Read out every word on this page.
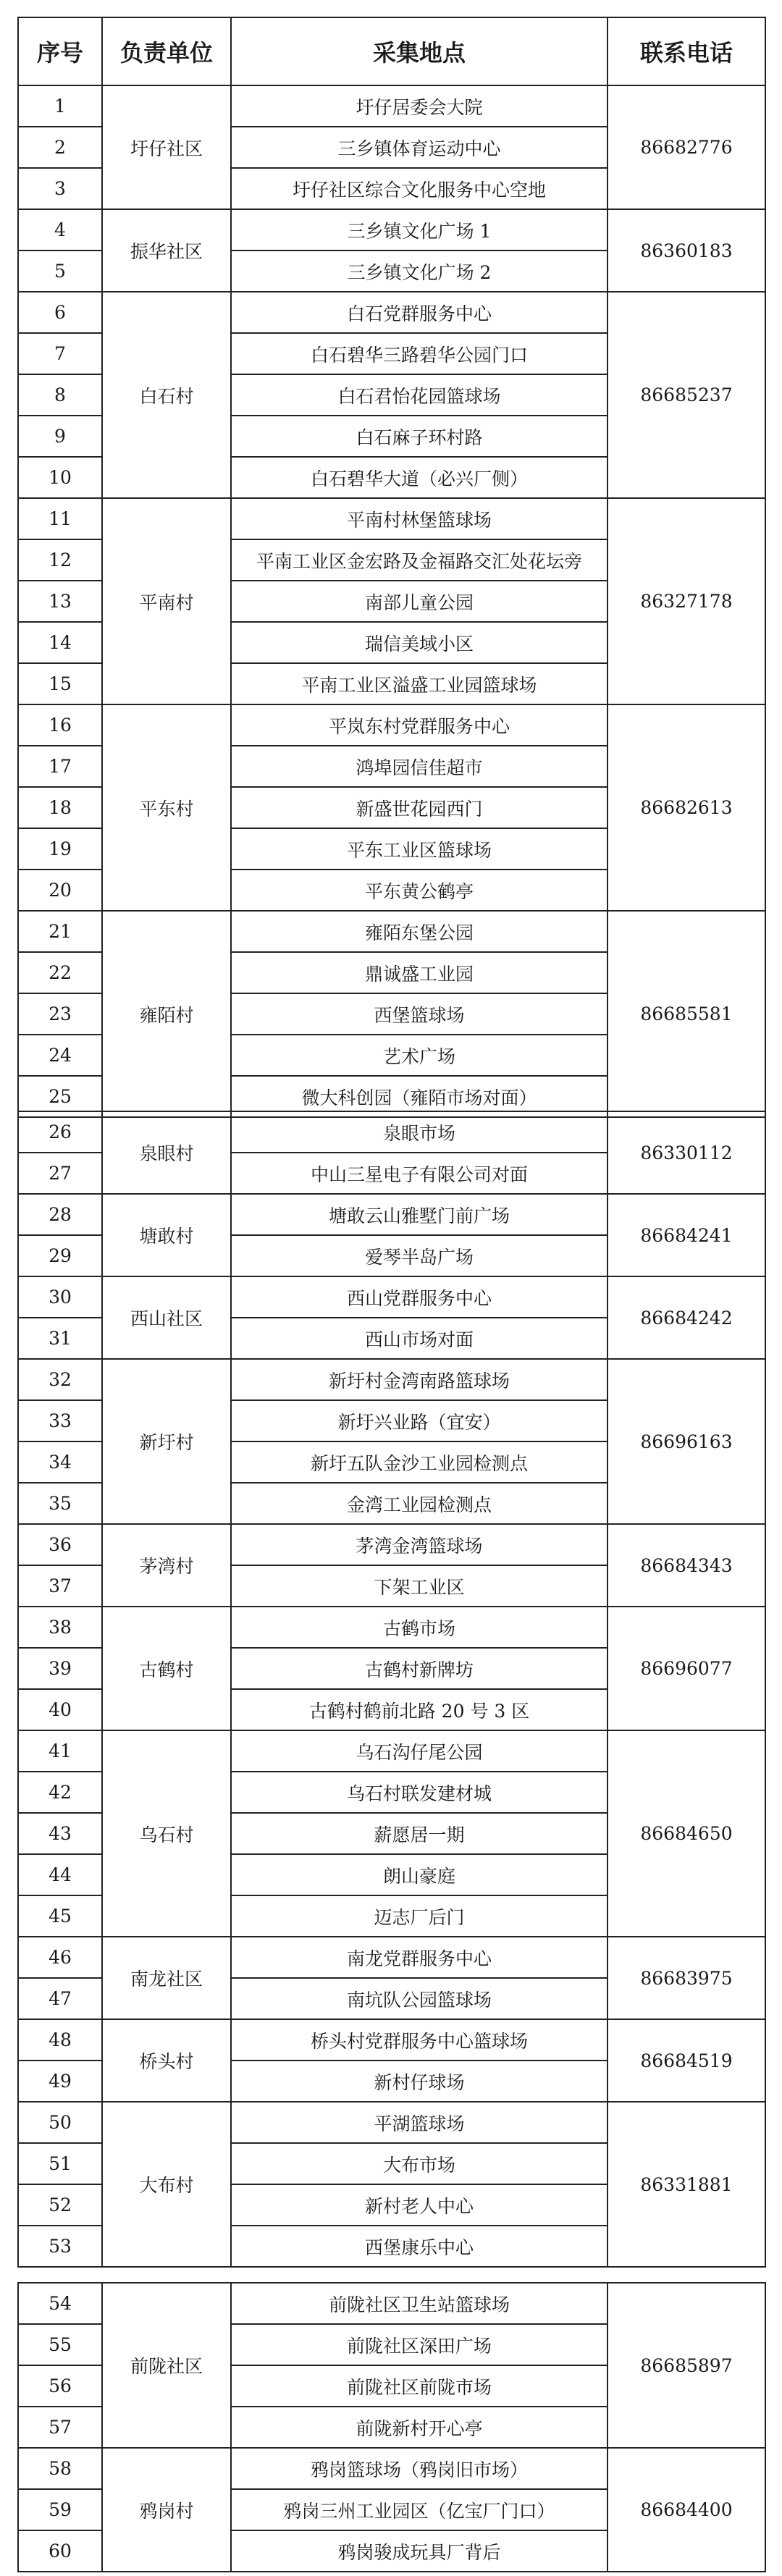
序号	负责单位	采集地点	联系电话
1	圩仔社区	圩仔居委会大院	86682776
2		三乡镇体育运动中心	
3		圩仔社区综合文化服务中心空地	
4	振华社区	三乡镇文化广场 1	86360183
5		三乡镇文化广场 2	
6	白石村	白石党群服务中心	86685237
7		白石碧华三路碧华公园门口	
8		白石君怡花园篮球场	
9		白石麻子环村路	
10		白石碧华大道（必兴厂侧）	
11	平南村	平南村林堡篮球场	86327178
12		平南工业区金宏路及金福路交汇处花坛旁	
13		南部儿童公园	
14		瑞信美域小区	
15		平南工业区溢盛工业园篮球场	
16	平东村	平岚东村党群服务中心	86682613
17		鸿埠园信佳超市	
18		新盛世花园西门	
19		平东工业区篮球场	
20		平东黄公鹤亭	
21	雍陌村	雍陌东堡公园	86685581
22		鼎诚盛工业园	
23		西堡篮球场	
24		艺术广场	
25		微大科创园（雍陌市场对面）	
26	泉眼村	泉眼市场	86330112
27		中山三星电子有限公司对面	
28	塘敢村	塘敢云山雅墅门前广场	86684241
29		爱琴半岛广场	
30	西山社区	西山党群服务中心	86684242
31		西山市场对面	
32	新圩村	新圩村金湾南路篮球场	86696163
33		新圩兴业路（宜安）	
34		新圩五队金沙工业园检测点	
35		金湾工业园检测点	
36	茅湾村	茅湾金湾篮球场	86684343
37		下架工业区	
38	古鹤村	古鹤市场	86696077
39		古鹤村新牌坊	
40		古鹤村鹤前北路 20 号 3 区	
41	乌石村	乌石沟仔尾公园	86684650
42		乌石村联发建材城	
43		薪愿居一期	
44		朗山豪庭	
45		迈志厂后门	
46	南龙社区	南龙党群服务中心	86683975
47		南坑队公园篮球场	
48	桥头村	桥头村党群服务中心篮球场	86684519
49		新村仔球场	
50	大布村	平湖篮球场	86331881
51		大布市场	
52		新村老人中心	
53		西堡康乐中心	
54	前陇社区	前陇社区卫生站篮球场	86685897
55		前陇社区深田广场	
56		前陇社区前陇市场	
57		前陇新村开心亭	
58	鸦岗村	鸦岗篮球场（鸦岗旧市场）	86684400
59		鸦岗三州工业园区（亿宝厂门口）	
60		鸦岗骏成玩具厂背后	
